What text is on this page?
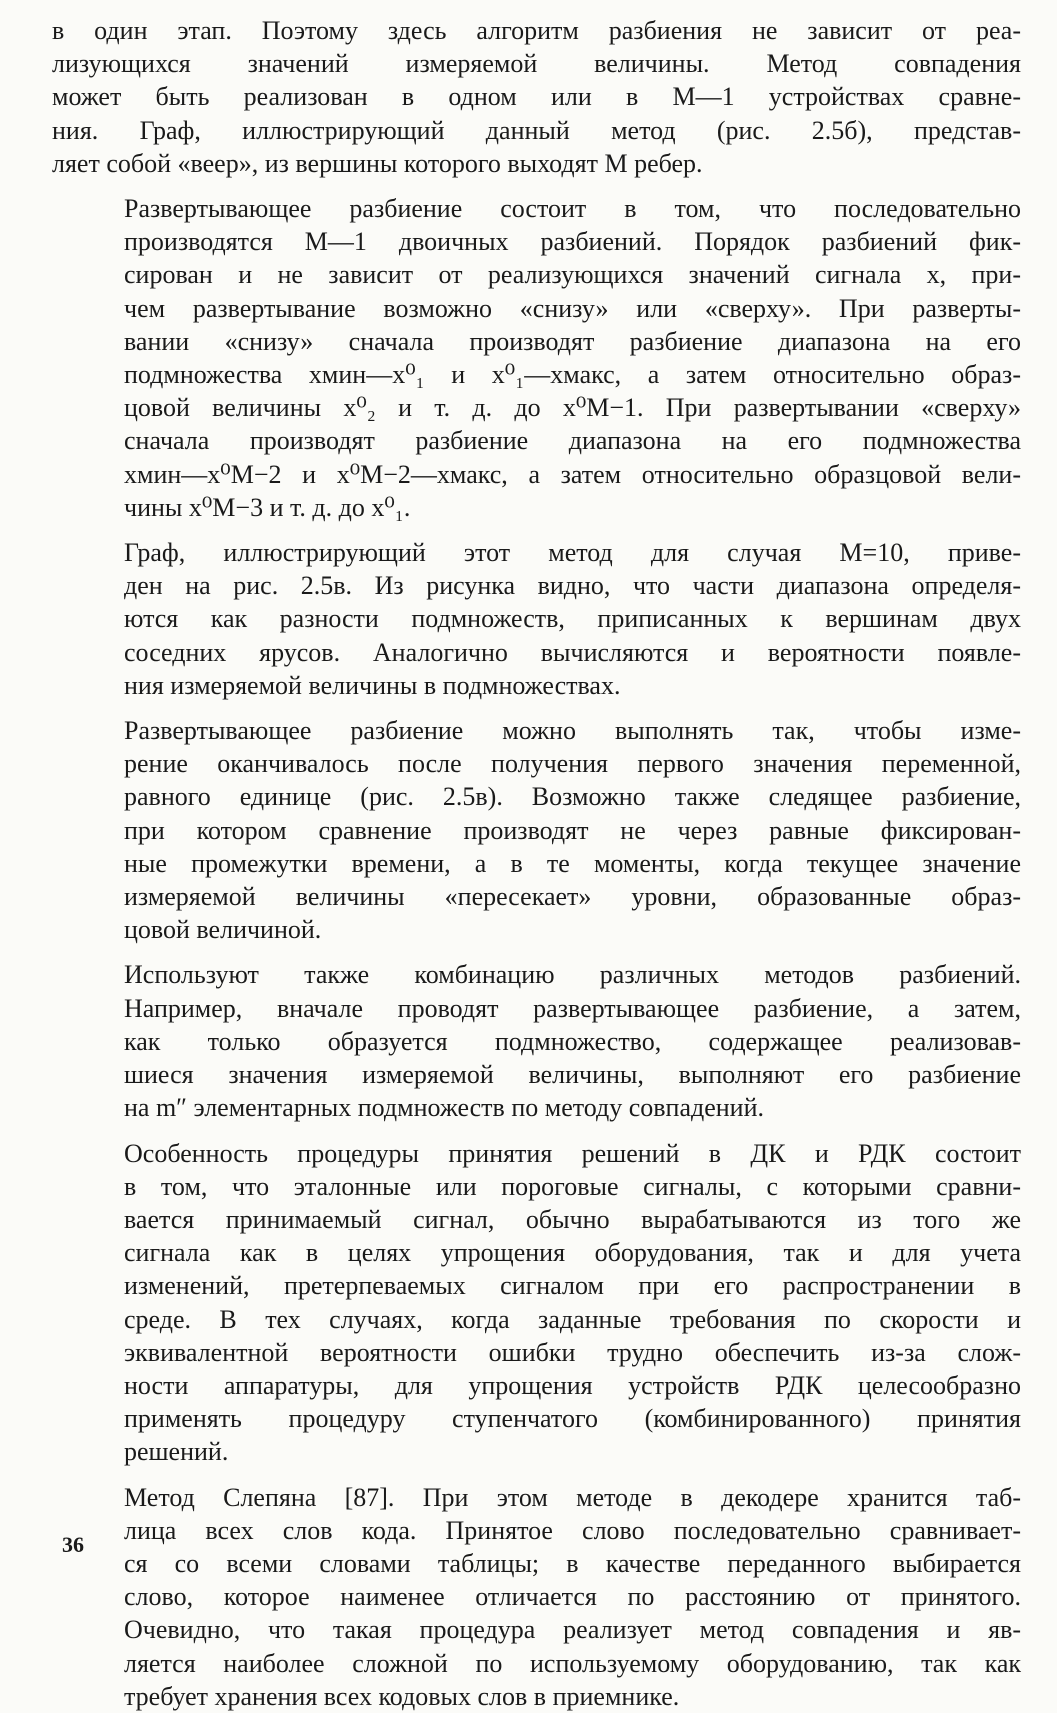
в один этап. Поэтому здесь алгоритм разбиения не зависит от реа-
лизующихся значений измеряемой величины. Метод совпадения
может быть реализован в одном или в M—1 устройствах сравне-
ния. Граф, иллюстрирующий данный метод (рис. 2.5б), представ-
ляет собой «веер», из вершины которого выходят M ребер.

Развертывающее разбиение состоит в том, что последовательно
производятся M—1 двоичных разбиений. Порядок разбиений фик-
сирован и не зависит от реализующихся значений сигнала x, при-
чем развертывание возможно «снизу» или «сверху». При разверты-
вании «снизу» сначала производят разбиение диапазона на его
подмножества xмин—x⁰₁ и x⁰₁—xмакс, а затем относительно образ-
цовой величины x⁰₂ и т. д. до x⁰M−1. При развертывании «сверху»
сначала производят разбиение диапазона на его подмножества
xмин—x⁰M−2 и x⁰M−2—xмакс, а затем относительно образцовой вели-
чины x⁰M−3 и т. д. до x⁰₁.

Граф, иллюстрирующий этот метод для случая M=10, приве-
ден на рис. 2.5в. Из рисунка видно, что части диапазона определя-
ются как разности подмножеств, приписанных к вершинам двух
соседних ярусов. Аналогично вычисляются и вероятности появле-
ния измеряемой величины в подмножествах.

Развертывающее разбиение можно выполнять так, чтобы изме-
рение оканчивалось после получения первого значения переменной,
равного единице (рис. 2.5в). Возможно также следящее разбиение,
при котором сравнение производят не через равные фиксирован-
ные промежутки времени, а в те моменты, когда текущее значение
измеряемой величины «пересекает» уровни, образованные образ-
цовой величиной.

Используют также комбинацию различных методов разбиений.
Например, вначале проводят развертывающее разбиение, а затем,
как только образуется подмножество, содержащее реализовав-
шиеся значения измеряемой величины, выполняют его разбиение
на m″ элементарных подмножеств по методу совпадений.

Особенность процедуры принятия решений в ДК и РДК состоит
в том, что эталонные или пороговые сигналы, с которыми сравни-
вается принимаемый сигнал, обычно вырабатываются из того же
сигнала как в целях упрощения оборудования, так и для учета
изменений, претерпеваемых сигналом при его распространении в
среде. В тех случаях, когда заданные требования по скорости и
эквивалентной вероятности ошибки трудно обеспечить из-за слож-
ности аппаратуры, для упрощения устройств РДК целесообразно
применять процедуру ступенчатого (комбинированного) принятия
решений.

Метод Слепяна [87]. При этом методе в декодере хранится таб-
лица всех слов кода. Принятое слово последовательно сравнивает-
ся со всеми словами таблицы; в качестве переданного выбирается
слово, которое наименее отличается по расстоянию от принятого.
Очевидно, что такая процедура реализует метод совпадения и яв-
ляется наиболее сложной по используемому оборудованию, так как
требует хранения всех кодовых слов в приемнике.

36
